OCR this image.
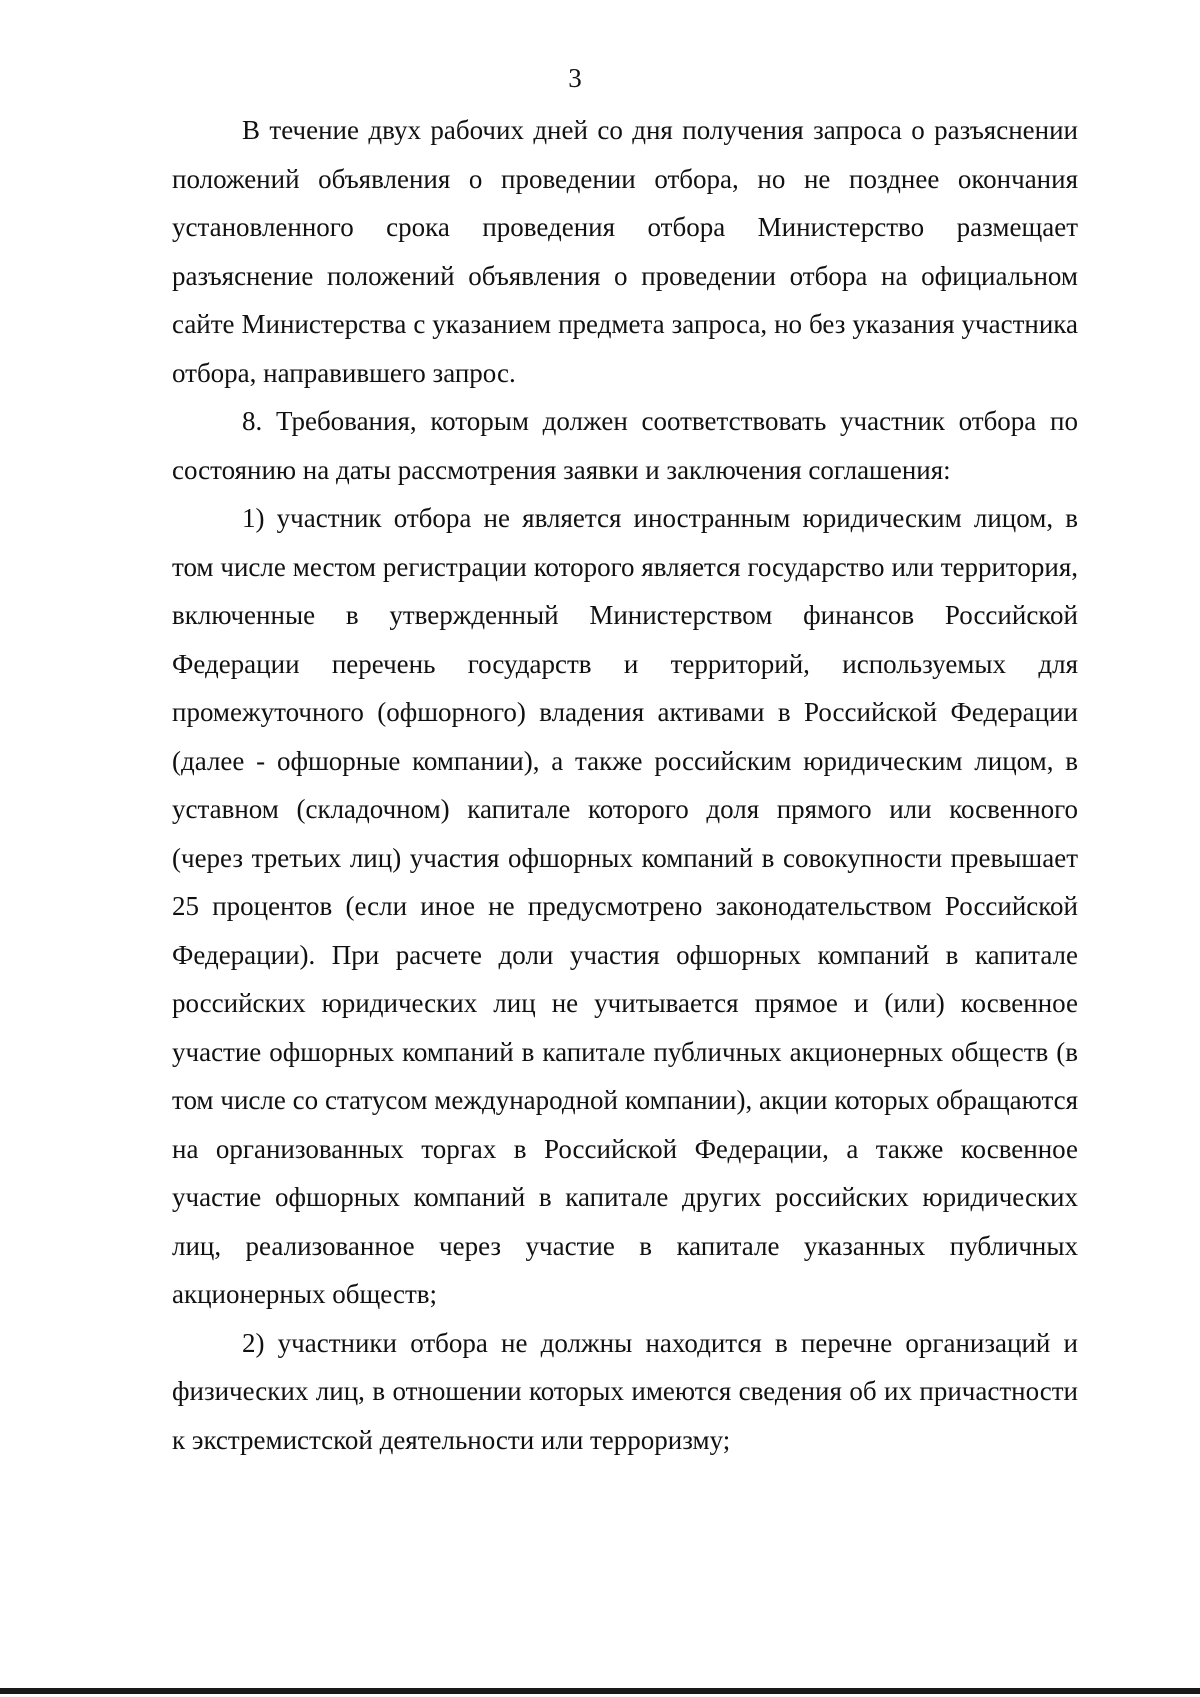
3

В течение двух рабочих дней со дня получения запроса о разъяснении положений объявления о проведении отбора, но не позднее окончания установленного срока проведения отбора Министерство размещает разъяснение положений объявления о проведении отбора на официальном сайте Министерства с указанием предмета запроса, но без указания участника отбора, направившего запрос.

8. Требования, которым должен соответствовать участник отбора по состоянию на даты рассмотрения заявки и заключения соглашения:

1) участник отбора не является иностранным юридическим лицом, в том числе местом регистрации которого является государство или территория, включенные в утвержденный Министерством финансов Российской Федерации перечень государств и территорий, используемых для промежуточного (офшорного) владения активами в Российской Федерации (далее - офшорные компании), а также российским юридическим лицом, в уставном (складочном) капитале которого доля прямого или косвенного (через третьих лиц) участия офшорных компаний в совокупности превышает 25 процентов (если иное не предусмотрено законодательством Российской Федерации). При расчете доли участия офшорных компаний в капитале российских юридических лиц не учитывается прямое и (или) косвенное участие офшорных компаний в капитале публичных акционерных обществ (в том числе со статусом международной компании), акции которых обращаются на организованных торгах в Российской Федерации, а также косвенное участие офшорных компаний в капитале других российских юридических лиц, реализованное через участие в капитале указанных публичных акционерных обществ;

2) участники отбора не должны находится в перечне организаций и физических лиц, в отношении которых имеются сведения об их причастности к экстремистской деятельности или терроризму;
